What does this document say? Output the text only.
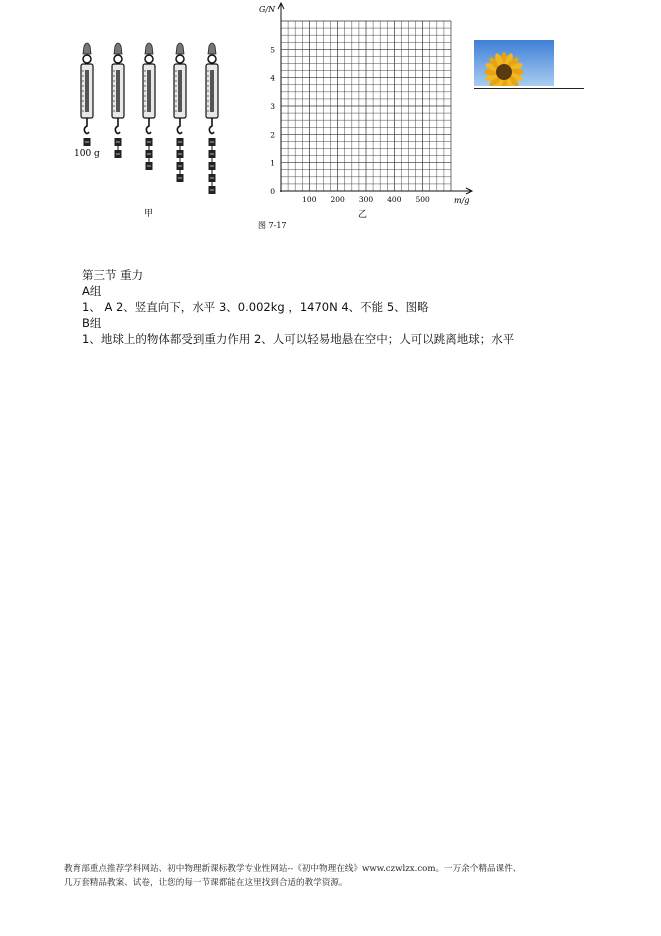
100 g
甲
100 200 300 400 500
0
1
2
3
4
5
G/N
m/g
乙
图 7-17
第三节 重力
A组
1、 A 2、竖直向下，水平 3、0.002kg ，1470N 4、不能 5、图略
B组
1、地球上的物体都受到重力作用 2、人可以轻易地悬在空中；人可以跳离地球；水平
教育部重点推荐学科网站、初中物理新课标教学专业性网站--《初中物理在线》www.czwlzx.com。一万余个精品课件、
几万套精品教案、试卷，让您的每一节课都能在这里找到合适的教学资源。
